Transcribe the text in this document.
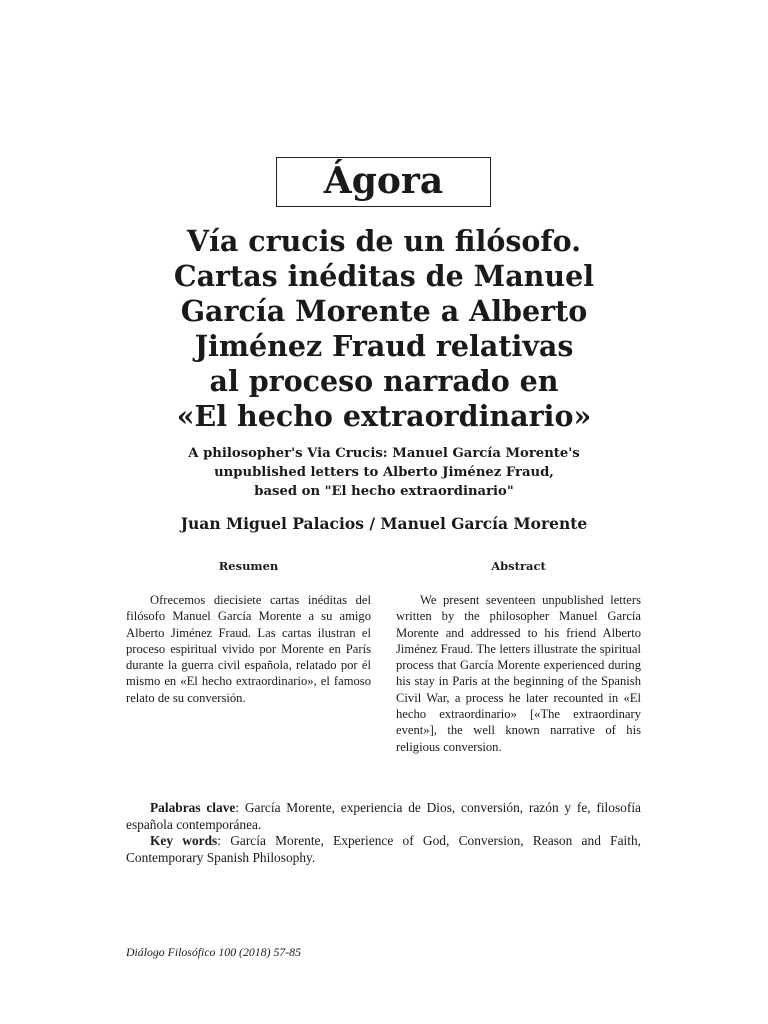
Ágora
Vía crucis de un filósofo.
Cartas inéditas de Manuel
García Morente a Alberto
Jiménez Fraud relativas
al proceso narrado en
«El hecho extraordinario»
A philosopher's Via Crucis: Manuel García Morente's
unpublished letters to Alberto Jiménez Fraud,
based on "El hecho extraordinario"
Juan Miguel Palacios / Manuel García Morente
Resumen	Abstract

Ofrecemos diecisiete cartas inéditas del filósofo Manuel García Morente a su amigo Alberto Jiménez Fraud. Las cartas ilustran el proceso espiritual vivido por Morente en París durante la guerra civil española, relatado por él mismo en «El hecho extraordinario», el famoso relato de su conversión.

We present seventeen unpublished letters written by the philosopher Manuel García Morente and addressed to his friend Alberto Jiménez Fraud. The letters illustrate the spiritual process that García Morente experienced during his stay in Paris at the beginning of the Spanish Civil War, a process he later recounted in «El hecho extraordinario» [«The extraordinary event»], the well known narrative of his religious conversion.

Palabras clave: García Morente, experiencia de Dios, conversión, razón y fe, filosofía española contemporánea.

Key words: García Morente, Experience of God, Conversion, Reason and Faith, Contemporary Spanish Philosophy.

Diálogo Filosófico 100 (2018) 57-85
